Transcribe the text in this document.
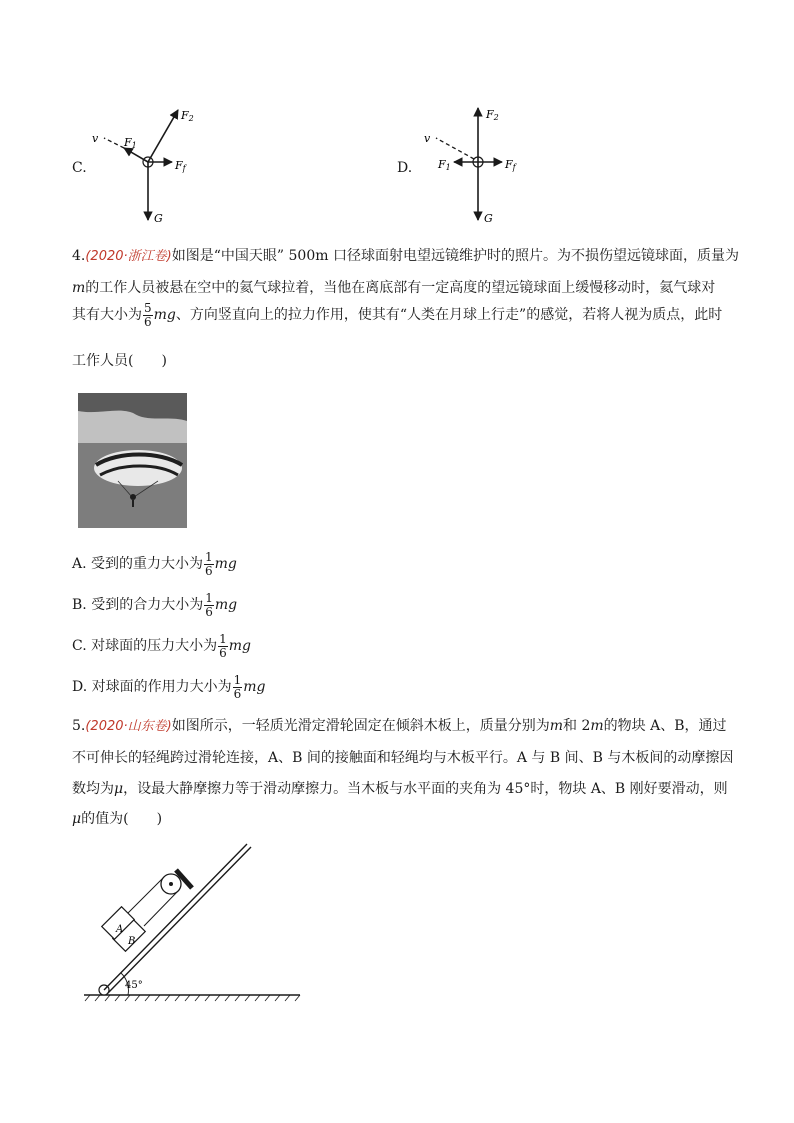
C.
v F1
F2
Ff
G
D.
v
F1
F2
Ff
G
4.(2020·浙江卷)如图是“中国天眼” 500m 口径球面射电望远镜维护时的照片。为不损伤望远镜球面，质量为
m的工作人员被悬在空中的氦气球拉着，当他在离底部有一定高度的望远镜球面上缓慢移动时，氦气球对
其有大小为 $\frac{5}{6}$ mg、方向竖直向上的拉力作用，使其有“人类在月球上行走”的感觉，若将人视为质点，此时
工作人员(　　)
A. 受到的重力大小为 $\frac{1}{6}$ mg
B. 受到的合力大小为 $\frac{1}{6}$ mg
C. 对球面的压力大小为 $\frac{1}{6}$ mg
D. 对球面的作用力大小为 $\frac{1}{6}$ mg
5.(2020·山东卷)如图所示，一轻质光滑定滑轮固定在倾斜木板上，质量分别为m和 2m的物块 A、B，通过
不可伸长的轻绳跨过滑轮连接，A、B 间的接触面和轻绳均与木板平行。A 与 B 间、B 与木板间的动摩擦因
数均为μ，设最大静摩擦力等于滑动摩擦力。当木板与水平面的夹角为 45°时，物块 A、B 刚好要滑动，则
μ的值为(　　)
A
B
45°
